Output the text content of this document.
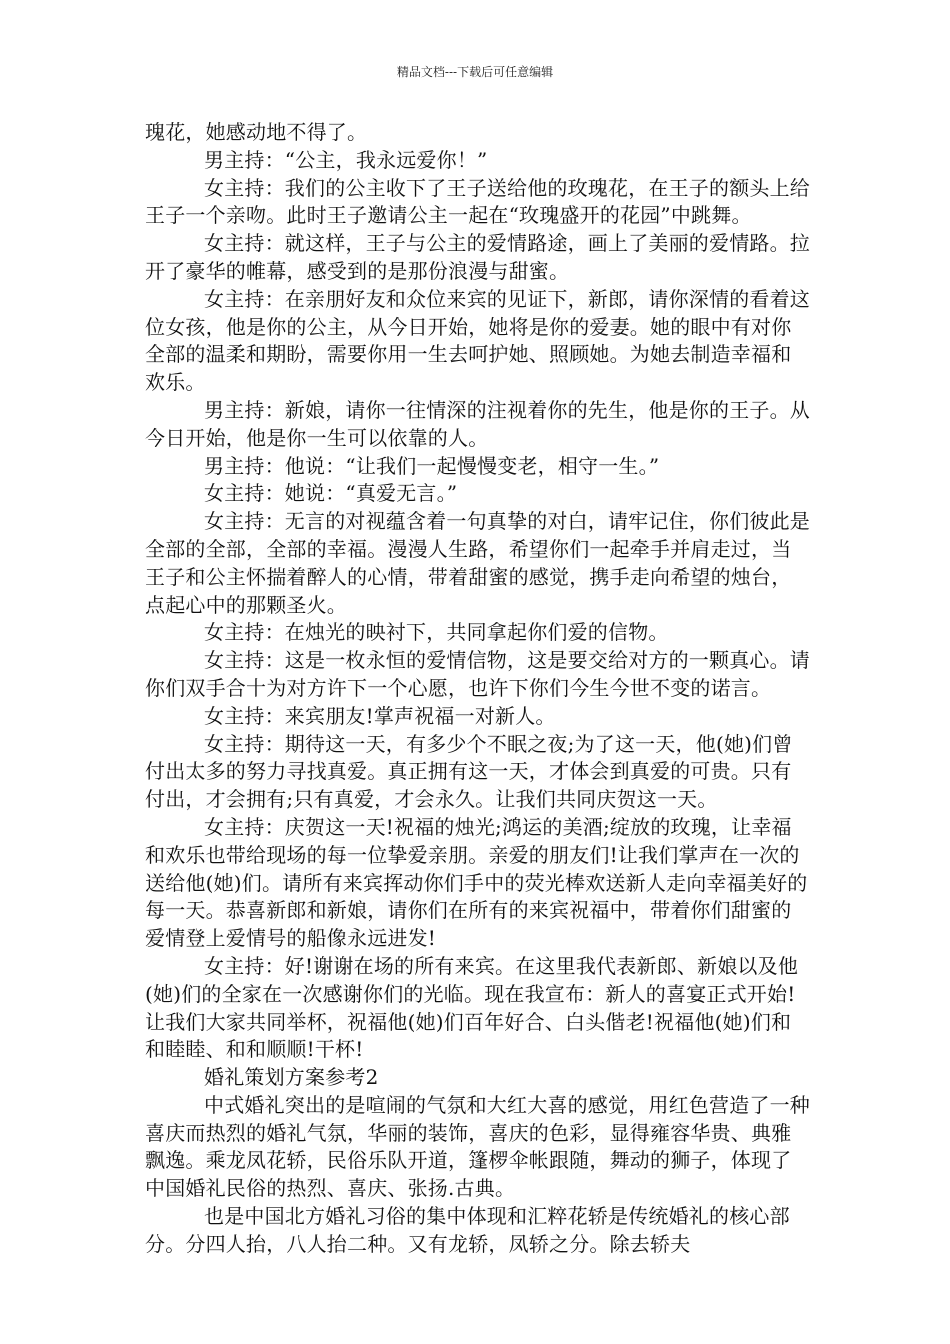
精品文档---下载后可任意编辑

瑰花，她感动地不得了。

男主持：“公主，我永远爱你！”

女主持：我们的公主收下了王子送给他的玫瑰花，在王子的额头上给王子一个亲吻。此时王子邀请公主一起在“玫瑰盛开的花园”中跳舞。

女主持：就这样，王子与公主的爱情路途，画上了美丽的爱情路。拉开了豪华的帷幕，感受到的是那份浪漫与甜蜜。

女主持：在亲朋好友和众位来宾的见证下，新郎，请你深情的看着这位女孩，他是你的公主，从今日开始，她将是你的爱妻。她的眼中有对你全部的温柔和期盼，需要你用一生去呵护她、照顾她。为她去制造幸福和欢乐。

男主持：新娘，请你一往情深的注视着你的先生，他是你的王子。从今日开始，他是你一生可以依靠的人。

男主持：他说：“让我们一起慢慢变老，相守一生。”

女主持：她说：“真爱无言。”

女主持：无言的对视蕴含着一句真挚的对白，请牢记住，你们彼此是全部的全部，全部的幸福。漫漫人生路，希望你们一起牵手并肩走过，当王子和公主怀揣着醉人的心情，带着甜蜜的感觉，携手走向希望的烛台，点起心中的那颗圣火。

女主持：在烛光的映衬下，共同拿起你们爱的信物。

女主持：这是一枚永恒的爱情信物，这是要交给对方的一颗真心。请你们双手合十为对方许下一个心愿，也许下你们今生今世不变的诺言。

女主持：来宾朋友!掌声祝福一对新人。

女主持：期待这一天，有多少个不眠之夜;为了这一天，他(她)们曾付出太多的努力寻找真爱。真正拥有这一天，才体会到真爱的可贵。只有付出，才会拥有;只有真爱，才会永久。让我们共同庆贺这一天。

女主持：庆贺这一天!祝福的烛光;鸿运的美酒;绽放的玫瑰，让幸福和欢乐也带给现场的每一位挚爱亲朋。亲爱的朋友们!让我们掌声在一次的送给他(她)们。请所有来宾挥动你们手中的荧光棒欢送新人走向幸福美好的每一天。恭喜新郎和新娘，请你们在所有的来宾祝福中，带着你们甜蜜的爱情登上爱情号的船像永远进发!

女主持：好!谢谢在场的所有来宾。在这里我代表新郎、新娘以及他(她)们的全家在一次感谢你们的光临。现在我宣布：新人的喜宴正式开始!让我们大家共同举杯，祝福他(她)们百年好合、白头偕老!祝福他(她)们和和睦睦、和和顺顺!干杯!

婚礼策划方案参考2

中式婚礼突出的是喧闹的气氛和大红大喜的感觉，用红色营造了一种喜庆而热烈的婚礼气氛，华丽的装饰，喜庆的色彩，显得雍容华贵、典雅飘逸。乘龙凤花轿，民俗乐队开道，篷椤伞帐跟随，舞动的狮子，体现了中国婚礼民俗的热烈、喜庆、张扬.古典。

也是中国北方婚礼习俗的集中体现和汇粹花轿是传统婚礼的核心部分。分四人抬，八人抬二种。又有龙轿，凤轿之分。除去轿夫
